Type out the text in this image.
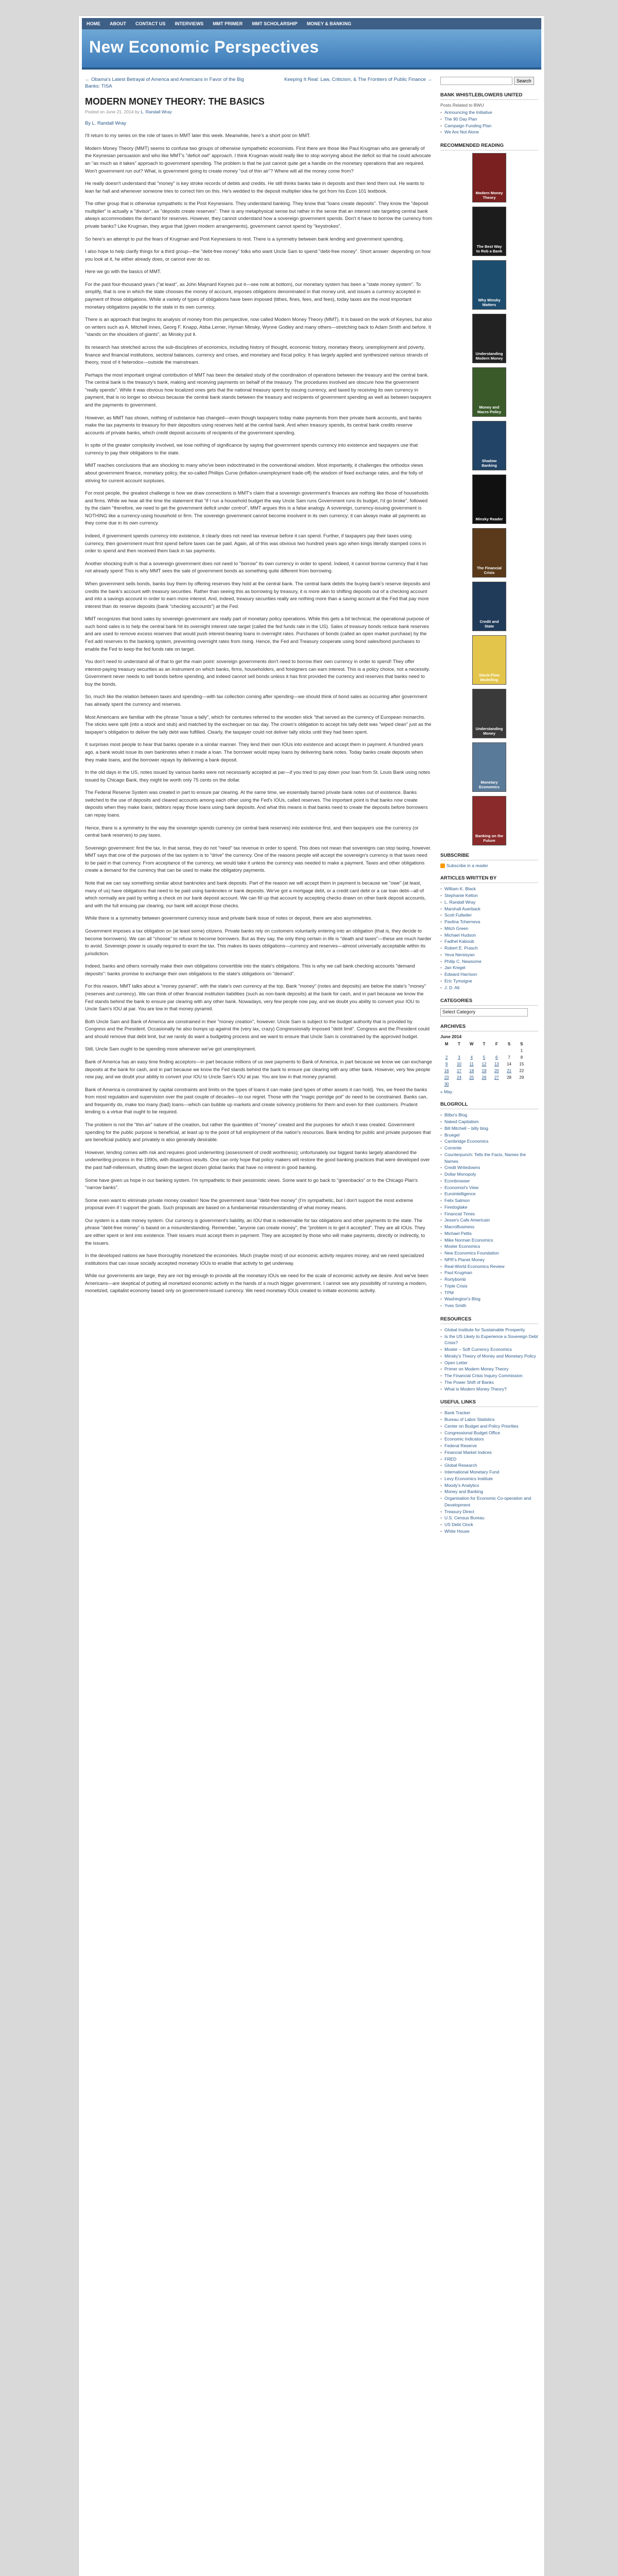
HOME	ABOUT	CONTACT US	INTERVIEWS	MMT PRIMER	MMT SCHOLARSHIP	MONEY & BANKING
New Economic Perspectives
← Obama's Latest Betrayal of America and Americans in Favor of the Big Banks: TISA
Keeping It Real: Law, Criticism, & The Frontiers of Public Finance →
MODERN MONEY THEORY: THE BASICS
Posted on June 21, 2014 by L. Randall Wray

By L. Randall Wray

I'll return to my series on the role of taxes in MMT later this week. Meanwhile, here's a short post on MMT.

Modern Money Theory (MMT) seems to confuse two groups of otherwise sympathetic economists. First there are those like Paul Krugman who are generally of the Keynesian persuasion and who like MMT's "deficit owl" approach. I think Krugman would really like to stop worrying about the deficit so that he could advocate an "as much as it takes" approach to government spending. The problem is that he just cannot quite get a handle on the monetary operations that are required. Won't government run out? What, is government going to create money "out of thin air"? Where will all the money come from?

He really doesn't understand that "money" is key stroke records of debits and credits. He still thinks banks take in deposits and then lend them out. He wants to lean far hall and whenever someone tries to correct him on this. He's wedded to the deposit multiplier idea he got from his Econ 101 textbook.

The other group that is otherwise sympathetic is the Post Keynesians. They understand banking. They know that "loans create deposits". They know the "deposit multiplier" is actually a "divisor", as "deposits create reserves". Their is any metaphysical sense but rather in the sense that an interest rate targeting central bank always accommodates the demand for reserves. However, they cannot understand how a sovereign government spends. Don't it have to borrow the currency from private banks? Like Krugman, they argue that (given modern arrangements), government cannot spend by "keystrokes".

So here's an attempt to put the fears of Krugman and Post Keynesians to rest. There is a symmetry between bank lending and government spending.

I also hope to help clarify things for a third group—the "debt-free money" folks who want Uncle Sam to spend "debt-free money". Short answer: depending on how you look at it, he either already does, or cannot ever do so.

Here we go with the basics of MMT.

For the past four-thousand years ("at least", as John Maynard Keynes put it—see note at bottom), our monetary system has been a "state money system". To simplify, that is one in which the state chooses the money of account, imposes obligations denominated in that money unit, and issues a currency accepted in payment of those obligations. While a variety of types of obligations have been imposed (tithes, fines, fees, and fees), today taxes are the most important monetary obligations payable to the state in its own currency.

There is an approach that begins its analysis of money from this perspective, now called Modern Money Theory (MMT). It is based on the work of Keynes, but also on writers such as A. Mitchell Innes, Georg F. Knapp, Abba Lerner, Hyman Minsky, Wynne Godley and many others—stretching back to Adam Smith and before. It "stands on the shoulders of giants", as Minsky put it.

Its research has stretched across the sub-disciplines of economics, including history of thought, economic history, monetary theory, unemployment and poverty, finance and financial institutions, sectoral balances, currency and crises, and monetary and fiscal policy. It has largely applied and synthesized various strands of theory, most of it heterodox—outside the mainstream.

Perhaps the most important original contribution of MMT has been the detailed study of the coordination of operations between the treasury and the central bank. The central bank is the treasury's bank, making and receiving payments on behalf of the treasury. The procedures involved are obscure how the government "really spends". While it was obvious how localized ones gets that the national treasury spent by issuing currency, and taxed by receiving its own currency in payment, that is no longer so obvious because the central bank stands between the treasury and recipients of government spending as well as between taxpayers and the payments to government.

However, as MMT has shown, nothing of substance has changed—even though taxpayers today make payments from their private bank accounts, and banks make the tax payments to treasury for their depositors using reserves held at the central bank. And when treasury spends, its central bank credits reserve accounts of private banks, which credit deposit accounts of recipients of the government spending.

In spite of the greater complexity involved, we lose nothing of significance by saying that government spends currency into existence and taxpayers use that currency to pay their obligations to the state.

MMT reaches conclusions that are shocking to many who've been indoctrinated in the conventional wisdom. Most importantly, it challenges the orthodox views about government finance, monetary policy, the so-called Phillips Curve (inflation-unemployment trade-off) the wisdom of fixed exchange rates, and the folly of striving for current account surpluses.

For most people, the greatest challenge is how we draw connections is MMT's claim that a sovereign government's finances are nothing like those of households and firms. While we hear all the time the statement that "if I run a household budget the way Uncle Sam runs Government runs its budget, I'd go broke", followed by the claim "therefore, we need to get the government deficit under control", MMT argues this is a false analogy. A sovereign, currency-issuing government is NOTHING like a currency-using household or firm. The sovereign government cannot become insolvent in its own currency; it can always make all payments as they come due in its own currency.

Indeed, if government spends currency into existence, it clearly does not need tax revenue before it can spend. Further, if taxpayers pay their taxes using currency, then government must first spend before taxes can be paid. Again, all of this was obvious two hundred years ago when kings literally stamped coins in order to spend and then received them back in tax payments.

Another shocking truth is that a sovereign government does not need to "borrow" its own currency in order to spend. Indeed, it cannot borrow currency that it has not already spent! This is why MMT sees the sale of government bonds as something quite different from borrowing.

When government sells bonds, banks buy them by offering reserves they hold at the central bank. The central bank debits the buying bank's reserve deposits and credits the bank's account with treasury securities. Rather than seeing this as borrowing by treasury, it is more akin to shifting deposits out of a checking account and into a savings account in order to earn more interest. And, indeed, treasury securities really are nothing more than a saving account at the Fed that pay more interest than do reserve deposits (bank "checking accounts") at the Fed.

MMT recognizes that bond sales by sovereign government are really part of monetary policy operations. While this gets a bit technical, the operational purpose of such bond sales is to help the central bank hit its overnight interest rate target (called the fed funds rate in the US). Sales of treasury bonds reduce bank reserves and are used to remove excess reserves that would push interest-bearing loans in overnight rates. Purchases of bonds (called an open market purchase) by the Fed add reserves to the banking system, preventing overnight rates from rising. Hence, the Fed and Treasury cooperate using bond sales/bond purchases to enable the Fed to keep the fed funds rate on target.

You don't need to understand all of that to get the main point: sovereign governments don't need to borrow their own currency in order to spend! They offer interest-paying treasury securities as an instrument on which banks, firms, householders, and foreigners can earn interest. This is a policy choice, not a necessity. Government never needs to sell bonds before spending, and indeed cannot sell bonds unless it has first provided the currency and reserves that banks need to buy the bonds.

So, much like the relation between taxes and spending—with tax collection coming after spending—we should think of bond sales as occurring after government has already spent the currency and reserves.

Most Americans are familiar with the phrase "issue a tally", which for centuries referred to the wooden stick "that served as the currency of European monarchs. The sticks were split (into a stock and stub) and matched by the exchequer on tax day. The crown's obligation to accept his tally debt was "wiped clean" just as the taxpayer's obligation to deliver the tally debt was fulfilled. Clearly, the taxpayer could not deliver tally sticks until they had been spent.

It surprises most people to hear that banks operate in a similar manner. They lend their own IOUs into existence and accept them in payment. A hundred years ago, a bank would issue its own banknotes when it made a loan. The borrower would repay loans by delivering bank notes. Today banks create deposits when they make loans, and the borrower repays by delivering a bank deposit.

In the old days in the US, notes issued by various banks were not necessarily accepted at par—if you tried to pay down your loan from St. Louis Bank using notes issued by Chicago Bank, they might be worth only 75 cents on the dollar.

The Federal Reserve System was created in part to ensure par clearing. At the same time, we essentially barred private bank notes out of existence. Banks switched to the use of deposits and cleared accounts among each other using the Fed's IOUs, called reserves. The important point is that banks now create deposits when they make loans; debtors repay those loans using bank deposits. And what this means is that banks need to create the deposits before borrowers can repay loans.

Hence, there is a symmetry to the way the sovereign spends currency (or central bank reserves) into existence first, and then taxpayers use the currency (or central bank reserves) to pay taxes.

Sovereign government: first the tax. In that sense, they do not "need" tax revenue in order to spend. This does not mean that sovereigns can stop taxing, however. MMT says that one of the purposes of the tax system is to "drive" the currency. One of the reasons people will accept the sovereign's currency is that taxes need to be paid in that currency. From acceptance of the currency, we would take it unless the currency was needed to make a payment. Taxes and other obligations create a demand for the currency that can be used to make the obligatory payments.

Note that we can say something similar about banknotes and bank deposits. Part of the reason we will accept them in payment is because we "owe" (at least, many of us) have obligations that need to be paid using banknotes or bank deposits. We've got a mortgage debt, or a credit card debt or a car loan debt—all of which normally are paid by writing a check on our bank deposit account. We can fill up that account by accepting checks drawn on other bank deposit accounts, and with the full ensuing par clearing, our bank will accept those checks.

While there is a symmetry between government currency issue and private bank issue of notes or deposit, there are also asymmetries.

Government imposes a tax obligation on (at least some) citizens. Private banks rely on customers voluntarily entering into an obligation (that is, they decide to become borrowers). We can all "choose" to refuse to become borrowers. But as they say, the only thing certain in life is "death and taxes"—these are much harder to avoid. Sovereign power is usually required to exert the tax. This makes its taxes obligations—currency and reserves—almost universally acceptable within its jurisdiction.

Indeed, banks and others normally make their own obligations convertible into the state's obligations. This is why we call bank checking accounts "demand deposits": banks promise to exchange their own obligations to the state's obligations on "demand".

For this reason, MMT talks about a "money pyramid", with the state's own currency at the top. Bank "money" (notes and deposits) are below the state's "money" (reserves and currency). We can think of other financial institution liabilities (such as non-bank deposits) at the bank for cash, and in part because we know the Fed stands behind the bank to ensure par clearing with any other bank. Nowadays, very few people now pay, and we doubt you ability to convert your IOU to Uncle Sam's IOU at par. You are low in that money pyramid.

Both Uncle Sam and Bank of America are constrained in their "money creation", however. Uncle Sam is subject to the budget authority that is provided by Congress and the President. Occasionally he also bumps up against the (very lax, crazy) Congressionally imposed "debt limit". Congress and the President could and should remove that debt limit, but we rarely do want a budgeting process and we want to ensure that Uncle Sam is constrained by the approved budget.

Still, Uncle Sam ought to be spending more whenever we've got unemployment.

Bank of America has an easy time finding acceptors—in part because millions of us owe payments to Bank of America, in part because we know we can exchange deposits at the bank for cash, and in part because we know the Fed stands behind the bank to ensure par clearing with any other bank. However, very few people now pay, and we doubt your ability to convert your IOU to Uncle Sam's IOU at par. You are low in that money pyramid.

Bank of America is constrained by capital constraints and limits on the types of loans it can make (and types of other assets it can hold). Yes, we freed the banks from most regulation and supervision over the past couple of decades—to our regret. Those with the "magic porridge pot" do need to be constrained. Banks can, and frequently do, make too many (bad) loans—which can bubble up markets and create solvency problems for them and even for their customers. Prudent lending is a virtue that ought to be required.

The problem is not the "thin air" nature of the creation, but rather the quantities of "money" created and the purposes for which it was created. Government spending for the public purpose is beneficial, at least up to the point of full employment of the nation's resources. Bank lending for public and private purposes that are beneficial publicly and privately is also generally desirable.

However, lending comes with risk and requires good underwriting (assessment of credit worthiness); unfortunately our biggest banks largely abandoned the underwriting process in the 1990s, with disastrous results. One can only hope that policy makers will restore the good banking practices that were developed over the past half-millennium, shutting down the largest dozen global banks that have no interest in good banking.

Some have given us hope in our banking system. I'm sympathetic to their pessimistic views. Some want to go back to "greenbacks" or to the Chicago Plan's "narrow banks".

Some even want to eliminate private money creation! Now the government issue "debt-free money" (I'm sympathetic, but I don't support the most extreme proposal even if I support the goals. Such proposals are based on a fundamental misunderstanding of what money means.

Our system is a state money system. Our currency is government's liability, an IOU that is redeemable for tax obligations and other payments to the state. The phrase "debt-free money" is based on a misunderstanding. Remember, "anyone can create money", the "problem is to get it accepted". They are all IOUs. They are either spent or lent into existence. Their issuers must accept them in payment. They are accepted by those who will make payments, directly or indirectly, to the issuers.

In the developed nations we have thoroughly monetized the economies. Much (maybe most) of our economic activity requires money, and we need specialized institutions that can issue socially accepted monetary IOUs to enable that activity to get underway.

While our governments are large, they are not big enough to provide all the monetary IOUs we need for the scale of economic activity we desire. And we've been Americans—are skeptical of putting all monetized economic activity in the hands of a much bigger government. I cannot see any possibility of running a modern, monetized, capitalist economy based only on government-issued currency. We need monetary IOUs created to initiate economic activity.

Search
BANK WHISTLEBLOWERS UNITED
Posts Related to BWU
• Announcing the Initiative
• The 90 Day Plan
• Campaign Funding Plan
• We Are Not Alone
RECOMMENDED READING
Modern Money Theory
The Best Way to Rob a Bank
Why Minsky Matters
Understanding Modern Money
Money and Macro Policy
Shadow Banking
Minsky Reader
The Financial Crisis
Credit and State
Stock-Flow Modelling
Understanding Money
Monetary Economics
Banking on the Future
SUBSCRIBE
Subscribe in a reader
ARTICLES WRITTEN BY
• William K. Black
• Stephanie Kelton
• L. Randall Wray
• Marshall Auerback
• Scott Fullwiler
• Pavlina Tcherneva
• Mitch Green
• Michael Hudson
• Fadhel Kaboub
• Robert E. Prasch
• Yeva Nersisyan
• Philip C. Newsome
• Jan Kregel
• Edward Harrison
• Eric Tymoigne
• J. D. Alt
CATEGORIES
Select Category
ARCHIVES
June 2014
M	T	W	T	F	S	S
						1
2	3	4	5	6	7	8
9	10	11	12	13	14	15
16	17	18	19	20	21	22
23	24	25	26	27	28	29
30						
« May
BLOGROLL
• Bilbo's Blog
• Naked Capitalism
• Bill Mitchell – billy blog
• Bruegel
• Cambridge Economics
• Corrente
• Counterpunch: Tells the Facts, Names the Names
• Credit Writedowns
• Dollar Monopoly
• Econbrowser
• Economist's View
• Eurointelligence
• Felix Salmon
• Firedoglake
• Financial Times
• Jesse's Cafe Americain
• MacroBusiness
• Michael Pettis
• Mike Norman Economics
• Mosler Economics
• New Economics Foundation
• NPR's Planet Money
• Real-World Economics Review
• Paul Krugman
• Rortybomb
• Triple Crisis
• TPM
• Washington's Blog
• Yves Smith
RESOURCES
• Global Institute for Sustainable Prosperity
• Is the US Likely to Experience a Sovereign Debt Crisis?
• Mosler – Soft Currency Economics
• Minsky's Theory of Money and Monetary Policy
• Open Letter
• Primer on Modern Money Theory
• The Financial Crisis Inquiry Commission
• The Power Shift of Banks
• What is Modern Money Theory?
USEFUL LINKS
• Bank Tracker
• Bureau of Labor Statistics
• Center on Budget and Policy Priorities
• Congressional Budget Office
• Economic Indicators
• Federal Reserve
• Financial Market Indices
• FRED
• Global Research
• International Monetary Fund
• Levy Economics Institute
• Moody's Analytics
• Money and Banking
• Organisation for Economic Co-operation and Development
• Treasury Direct
• U.S. Census Bureau
• US Debt Clock
• White House
